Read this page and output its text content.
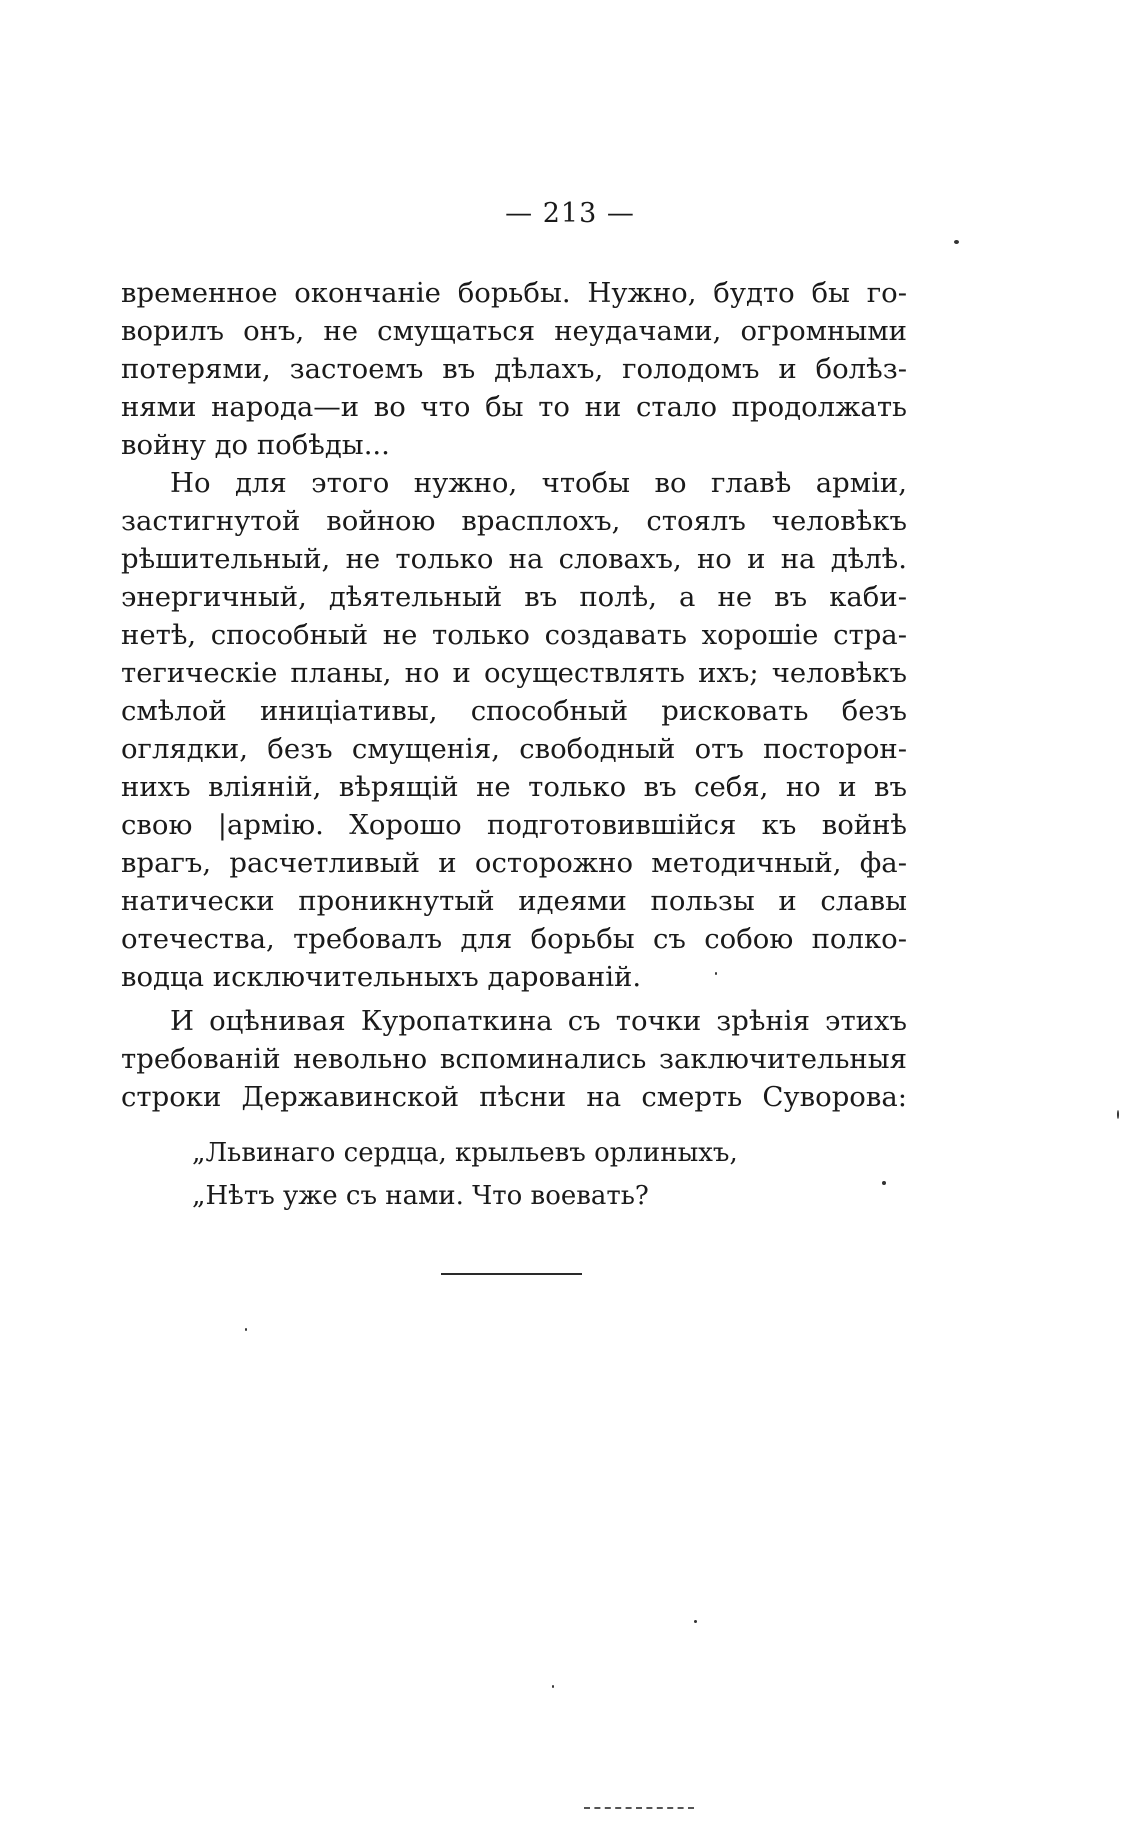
— 213 —
временное окончаніе борьбы. Нужно, будто бы го-
ворилъ онъ, не смущаться неудачами, огромными
потерями, застоемъ въ дѣлахъ, голодомъ и болѣз-
нями народа—и во что бы то ни стало продолжать
войну до побѣды...
Но для этого нужно, чтобы во главѣ арміи,
застигнутой войною врасплохъ, стоялъ человѣкъ
рѣшительный, не только на словахъ, но и на дѣлѣ.
энергичный, дѣятельный въ полѣ, а не въ каби-
нетѣ, способный не только создавать хорошіе стра-
тегическіе планы, но и осуществлять ихъ; человѣкъ
смѣлой иниціативы, способный рисковать безъ
оглядки, безъ смущенія, свободный отъ посторон-
нихъ вліяній, вѣрящій не только въ себя, но и въ
свою |армію. Хорошо подготовившійся къ войнѣ
врагъ, расчетливый и осторожно методичный, фа-
натически проникнутый идеями пользы и славы
отечества, требовалъ для борьбы съ собою полко-
водца исключительныхъ дарованій.
И оцѣнивая Куропаткина съ точки зрѣнія этихъ
требованій невольно вспоминались заключительныя
строки Державинской пѣсни на смерть Суворова:
„Львинаго сердца, крыльевъ орлиныхъ,
„Нѣтъ уже съ нами. Что воевать?
